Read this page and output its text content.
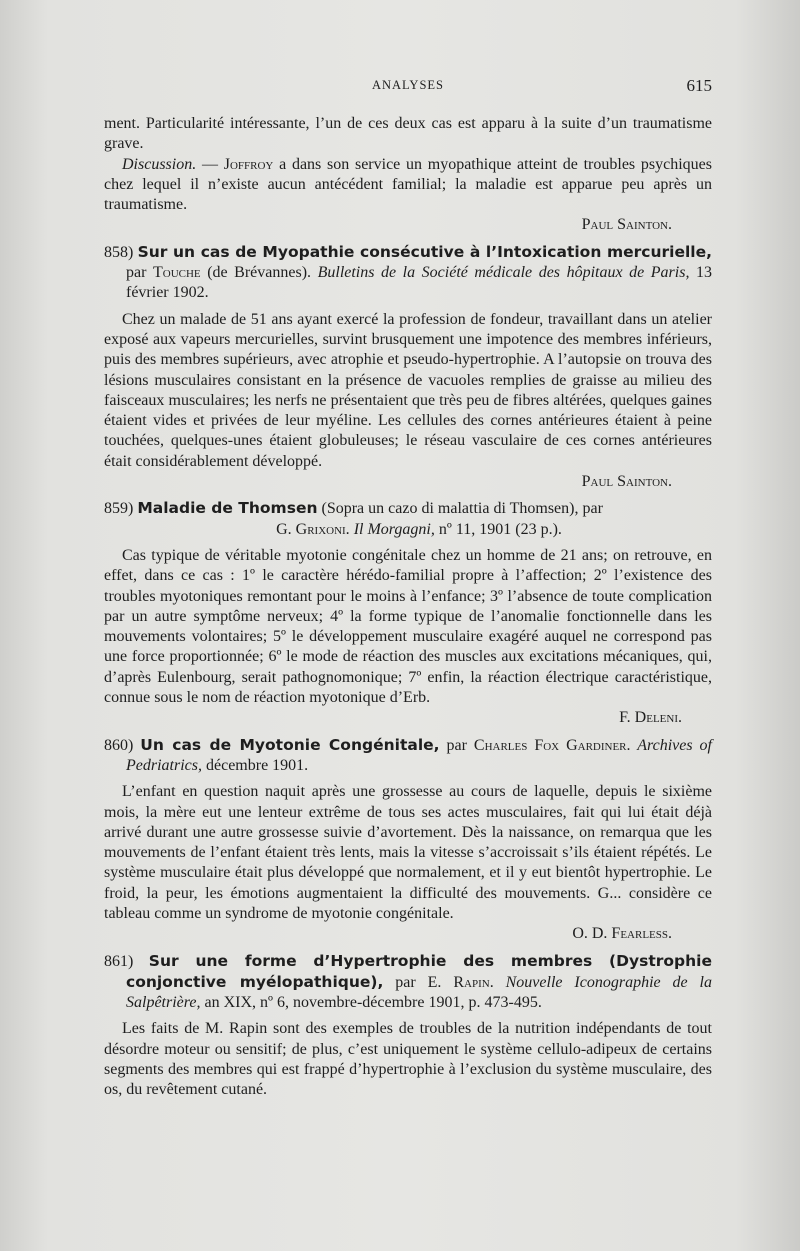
ANALYSES	615

ment. Particularité intéressante, l’un de ces deux cas est apparu à la suite d’un traumatisme grave.

Discussion. — Joffroy a dans son service un myopathique atteint de troubles psychiques chez lequel il n’existe aucun antécédent familial; la maladie est apparue peu après un traumatisme.

Paul Sainton.

858) Sur un cas de Myopathie consécutive à l’Intoxication mercurielle, par Touche (de Brévannes). Bulletins de la Société médicale des hôpitaux de Paris, 13 février 1902.

Chez un malade de 51 ans ayant exercé la profession de fondeur, travaillant dans un atelier exposé aux vapeurs mercurielles, survint brusquement une impotence des membres inférieurs, puis des membres supérieurs, avec atrophie et pseudo-hypertrophie. A l’autopsie on trouva des lésions musculaires consistant en la présence de vacuoles remplies de graisse au milieu des faisceaux musculaires; les nerfs ne présentaient que très peu de fibres altérées, quelques gaines étaient vides et privées de leur myéline. Les cellules des cornes antérieures étaient à peine touchées, quelques-unes étaient globuleuses; le réseau vasculaire de ces cornes antérieures était considérablement développé.

Paul Sainton.

859) Maladie de Thomsen (Sopra un cazo di malattia di Thomsen), par
G. Grixoni. Il Morgagni, nº 11, 1901 (23 p.).

Cas typique de véritable myotonie congénitale chez un homme de 21 ans; on retrouve, en effet, dans ce cas : 1º le caractère hérédo-familial propre à l’affection; 2º l’existence des troubles myotoniques remontant pour le moins à l’enfance; 3º l’absence de toute complication par un autre symptôme nerveux; 4º la forme typique de l’anomalie fonctionnelle dans les mouvements volontaires; 5º le développement musculaire exagéré auquel ne correspond pas une force proportionnée; 6º le mode de réaction des muscles aux excitations mécaniques, qui, d’après Eulenbourg, serait pathognomonique; 7º enfin, la réaction électrique caractéristique, connue sous le nom de réaction myotonique d’Erb.

F. Deleni.

860) Un cas de Myotonie Congénitale, par Charles Fox Gardiner. Archives of Pedriatrics, décembre 1901.

L’enfant en question naquit après une grossesse au cours de laquelle, depuis le sixième mois, la mère eut une lenteur extrême de tous ses actes musculaires, fait qui lui était déjà arrivé durant une autre grossesse suivie d’avortement. Dès la naissance, on remarqua que les mouvements de l’enfant étaient très lents, mais la vitesse s’accroissait s’ils étaient répétés. Le système musculaire était plus développé que normalement, et il y eut bientôt hypertrophie. Le froid, la peur, les émotions augmentaient la difficulté des mouvements. G... considère ce tableau comme un syndrome de myotonie congénitale.

O. D. Fearless.

861) Sur une forme d’Hypertrophie des membres (Dystrophie conjonctive myélopathique), par E. Rapin. Nouvelle Iconographie de la Salpêtrière, an XIX, nº 6, novembre-décembre 1901, p. 473-495.

Les faits de M. Rapin sont des exemples de troubles de la nutrition indépendants de tout désordre moteur ou sensitif; de plus, c’est uniquement le système cellulo-adipeux de certains segments des membres qui est frappé d’hypertrophie à l’exclusion du système musculaire, des os, du revêtement cutané.
